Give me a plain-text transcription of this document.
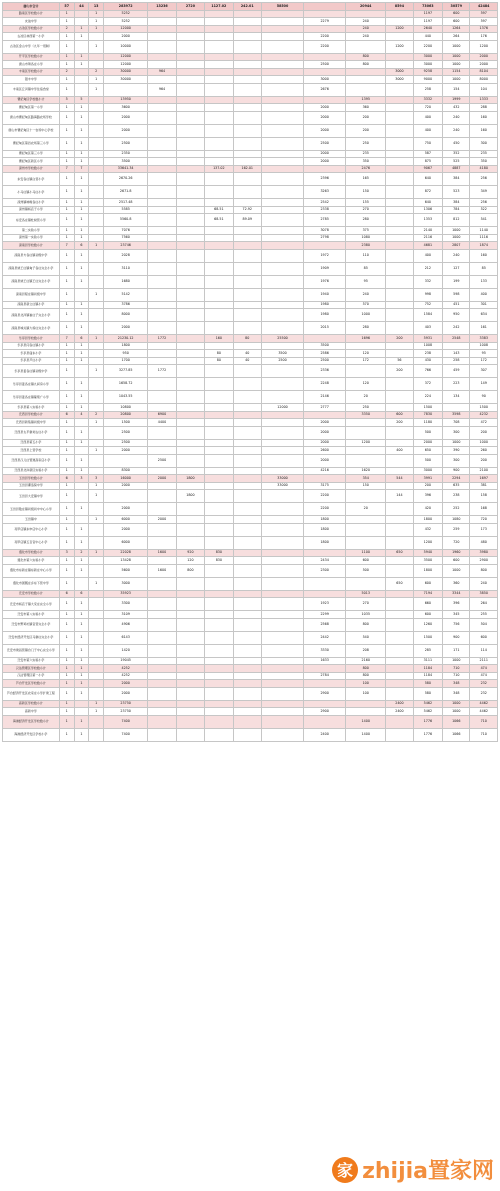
唐山市合计	57	44	13	283972	13236	2720	1127.02	242.01	58500		20944	8594	73063	30579	42484
路南区学校数小计	1		1	5252									1197	600	597
友谊中学	1		1	5252						2279	240		1197	600	597
古冶区学校数小计	2	1	1	12000							240	1200	2640	1264	1376
古冶区林西第一小学	1	1		2000						2200	240		440	264	176
古冶区金山中学（九年一贯制）	1		1	10000						2200		1200	2200	1000	1200
开平区学校数小计	1	1		12000							800		3000	1000	2000
唐山市荆各庄小学	1	1		12000						2500	800		3000	1000	2000
丰南区学校数小计	2		2	30000	964							3000	9258	1154	8104
银丰中学	1		1	30000						3000		3000	9000	1000	8000
丰南区丘河镇中学住宿食堂	1		1		964					2676			258	154	104
曹妃甸区学校数小计	5	5		13950							1395		3332	1999	1333
曹妃甸区第一小学	1	1		3600						2000	360		720	432	288
唐山市曹妃甸区路海路农场学校	1	1		2000						2000	200		400	240	160
唐山市曹妃甸区十一农场中心学校	1	1		2000						2000	200		400	240	160
曹妃甸区第四农场第三小学	1	1		2500						2500	250		750	450	300
曹妃甸区第三小学	1	1		2350						2000	235		587	352	235
曹妃甸区新区小学	1	1		3500						2000	350		875	525	350
滦州市学校数小计	7	7		33641.34			137.02	162.01			2476		9067	4887	4180
东安各庄镇白营小学	1	1		2670.26						2396	165		640	384	256
小马庄镇小马庄小学	1	1		2671.8						3263	150		872	523	349
滦州镇响嘡各庄小学	1	1		2517.48						2542	155		640	384	256
滦州镇杨店子小学	1	1		5585			68.51	72.92		2338	270		1306	784	522
东安各庄镇杜树营小学	1	1		5560.8			68.51	89.09		2785	280		1353	812	541
第二实验小学	1	1		7076						3078	375		2140	1000	1140
滦州第一实验小学	1	1		7560						2798	1080		2116	1000	1116
滦南县学校数小计	7	6	1	23746							2380		4681	2807	1874
滦南县方各庄镇初级中学	1	1		2028						1972	110		400	240	160
滦南县姚王庄镇甸子各庄完全小学	1	1		3110						1909	85		212	127	85
滦南县姚王庄镇王庄完全小学	1	1		1680						1976	95		332	199	133
滦南县程庄镇初级中学	1		1	5142						1940	240		998	598	400
滦南县新立庄镇小学	1	1		3786						1980	570		752	451	301
滦南县北河镇崔庄子完全小学	1	1		8000						1980	1000		1584	950	634
滦南县城关镇大杨庄完全小学	1	1		2000						2015	280		403	242	161
乐亭县学校数小计	7	6	1	21230.12	1772		160	80	25500		1696	200	5931	2548	3383
乐亭县闫各庄镇小学	1	1		1800						3500			1008		1008
乐亭县庙东小学	1	1		950			80	40	3500	2586	120		238	143	95
乐亭县芦庄小学	1	1		1700			80	40	2500	2500	172	56	430	258	172
乐亭县姜各庄镇初级中学	1		1	3277.85	1772					2336		200	766	459	307
乐亭县姜各庄镇九间房小学	1	1		1658.72						2248	120		372	223	149
乐亭县姜各庄镇葡萄广小学	1	1		1043.55						2146	20		224	134	90
乐亭县第八实验小学	1	1		10800					12000	2777	250		1500		1500
迁西县学校数小计	6	4	2	20800	6900						3350	600	7830	3598	4232
迁西县新集镇初级中学	1		1	1500	4400					2000		200	1180	708	472
迁西县太平寨刘古庄小学	1	1		2500						2000			500	300	200
迁西县第五小学	1	1		2500						2000	1200		2000	1000	1000
迁西县上营学校	1		1	2000						2600		400	650	390	260
迁西县汉儿庄管道高家店小学	1	1			2500					2000			500	300	200
迁西县北岸新区实验小学	1	1		8300						4216	1620		3000	900	2100
玉田县学校数小计	6	3	3	16000	2000	1800			33000		354	544	3991	2294	1697
玉田县潮洛窝中学	1		1	2000					33000	3175	150		200	635	381
玉田县大安镇中学	1		1			1800				2200		144	396	238	158
玉田县散庄镇初级初中中心小学	1	1		2000						2200	20		420	252	168
玉田镇中	1		1	6000	2000					1800			1800	1080	720
亮甲店镇东申店中心小学	1	1		2000						1800			432	259	173
亮甲店镇五百官中心小学	1	1		6000						1800			1200	720	480
遵化市学校数小计	3	2	1	22028	1600	920	830				1100	650	5940	1960	3980
遵化市第六实验小学	1	1		13428		120	830			2434	600		3500	600	2900
遵化市东新庄镇东新庄中心小学	1	1		5600	1600	800				2300	500		1800	1000	800
遵化市团瓢庄乡东下营中学	1		1	3000								650	600	360	240
迁安市学校数小计	6	6		35923							5013		7194	3344	3850
迁安市杨店子镇大宋庄完全小学	1	1		3300						1923	270		660	396	264
迁安市第八实验小学	1	1		3109						2299	1035		600	345	255
迁安市野鸡坨镇官营完全小学	1	1		4906						2568	800		1260	756	504
迁安市经济开发区马寨庄完全小学	1	1		6143						2442	540		1500	900	600
迁安市建昌营镇台门子中心完全小学	1	1		1420						3330	208		285	171	114
迁安市第六实验小学	1	1		19045						1633	2160		3111	1000	2111
汉沽管理区学校数小计	1	1		4252							800		1184	710	474
汉沽管理区第一小学	1	1		4252						2784	800		1184	710	474
芦台开发区学校数小计	1	1		2000							100		580	348	232
芦台经济开发区农家庄小学扩建工程	1	1		2000						2900	100		580	348	232
高新区学校数小计	1		1	23750								2400	5462	1000	4462
高新中学	1		1	23750						2900		2400	5462	1000	4462
海港经济开发区学校数小计	1	1		7400							1400		1776	1066	710
海港经济开发区学校小学	1	1		7400						2400	1400		1776	1066	710
家 zhijia置家网
